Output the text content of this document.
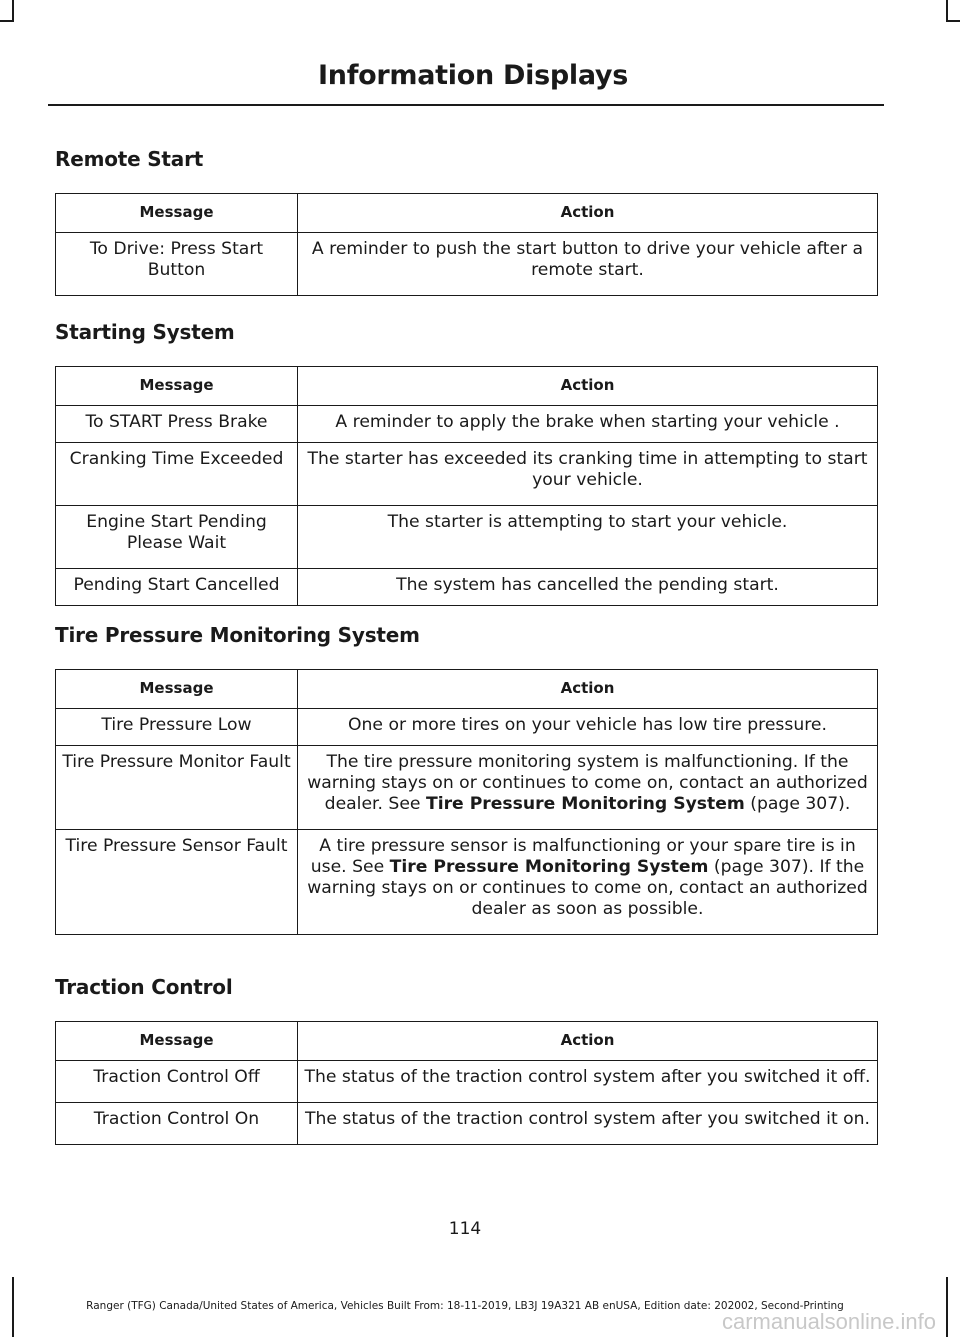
Information Displays
Remote Start
Message	Action
To Drive: Press Start Button	A reminder to push the start button to drive your vehicle after a remote start.
Starting System
Message	Action
To START Press Brake	A reminder to apply the brake when starting your vehicle .
Cranking Time Exceeded	The starter has exceeded its cranking time in attempting to start your vehicle.
Engine Start Pending Please Wait	The starter is attempting to start your vehicle.
Pending Start Cancelled	The system has cancelled the pending start.
Tire Pressure Monitoring System
Message	Action
Tire Pressure Low	One or more tires on your vehicle has low tire pressure.
Tire Pressure Monitor Fault	The tire pressure monitoring system is malfunctioning. If the warning stays on or continues to come on, contact an authorized dealer. See Tire Pressure Monitoring System (page 307).
Tire Pressure Sensor Fault	A tire pressure sensor is malfunctioning or your spare tire is in use. See Tire Pressure Monitoring System (page 307). If the warning stays on or continues to come on, contact an authorized dealer as soon as possible.
Traction Control
Message	Action
Traction Control Off	The status of the traction control system after you switched it off.
Traction Control On	The status of the traction control system after you switched it on.
114
Ranger (TFG) Canada/United States of America, Vehicles Built From: 18-11-2019, LB3J 19A321 AB enUSA, Edition date: 202002, Second-Printing
carmanualsonline.info
